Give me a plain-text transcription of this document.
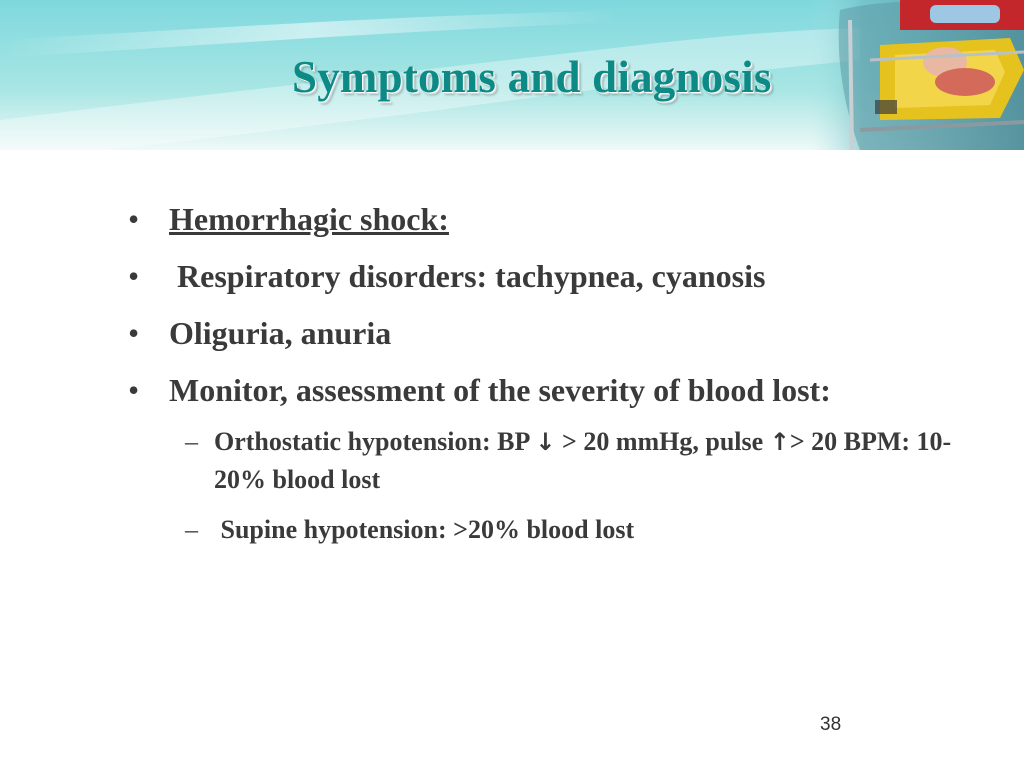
Symptoms and diagnosis
• Hemorrhagic shock:
• Respiratory disorders: tachypnea, cyanosis
• Oliguria, anuria
• Monitor, assessment of the severity of blood lost:
– Orthostatic hypotension: BP ↓ > 20 mmHg, pulse ↑> 20 BPM: 10-20% blood lost
– Supine hypotension: >20% blood lost
38
